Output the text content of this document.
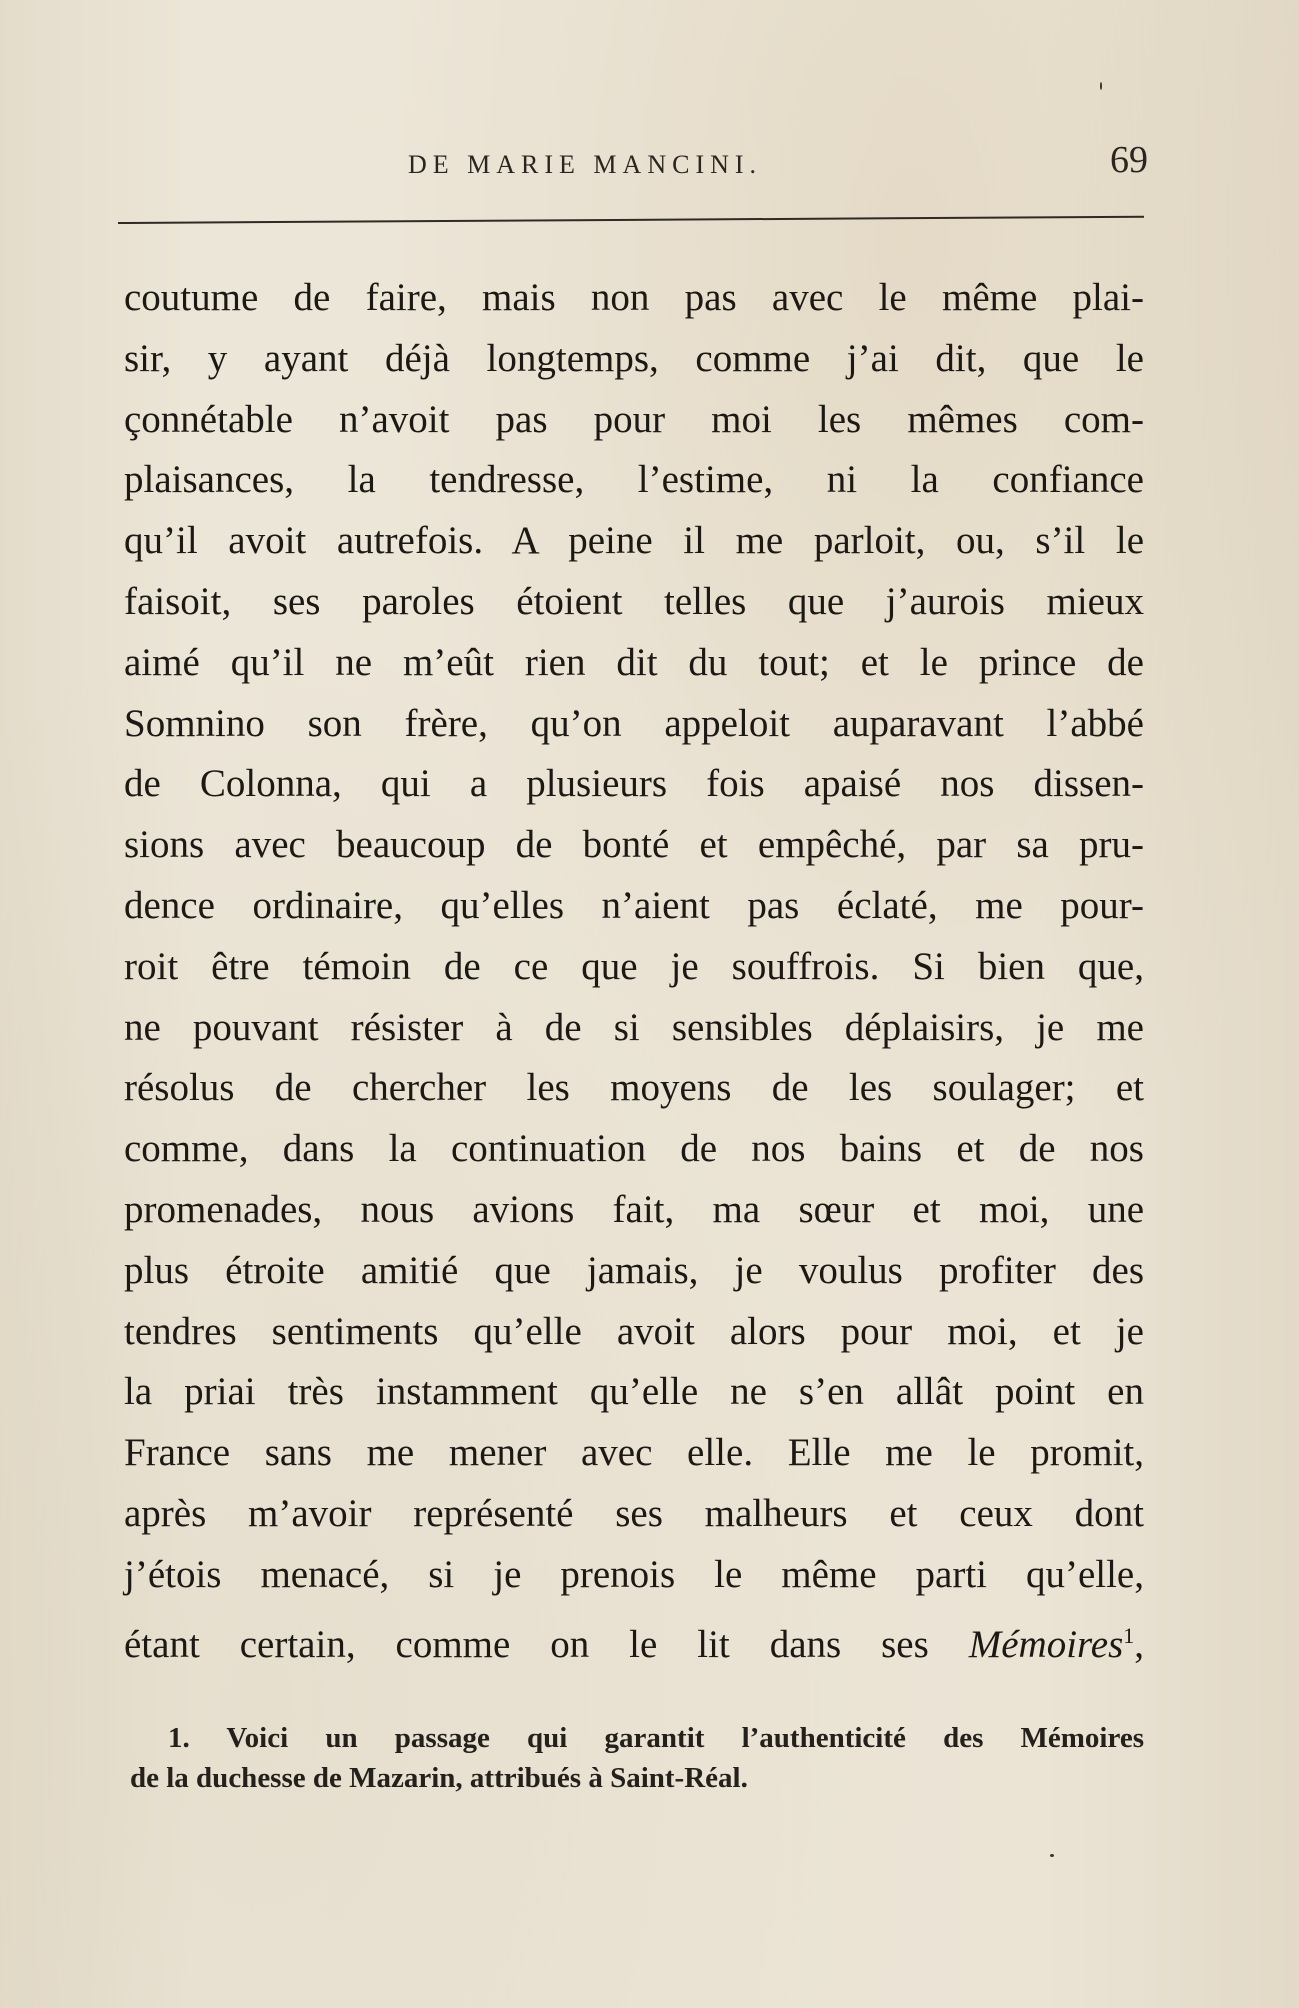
DE MARIE MANCINI.	69
coutume de faire, mais non pas avec le même plai-
sir, y ayant déjà longtemps, comme j’ai dit, que le
çonnétable n’avoit pas pour moi les mêmes com-
plaisances, la tendresse, l’estime, ni la confiance
qu’il avoit autrefois. A peine il me parloit, ou, s’il le
faisoit, ses paroles étoient telles que j’aurois mieux
aimé qu’il ne m’eût rien dit du tout; et le prince de
Somnino son frère, qu’on appeloit auparavant l’abbé
de Colonna, qui a plusieurs fois apaisé nos dissen-
sions avec beaucoup de bonté et empêché, par sa pru-
dence ordinaire, qu’elles n’aient pas éclaté, me pour-
roit être témoin de ce que je souffrois. Si bien que,
ne pouvant résister à de si sensibles déplaisirs, je me
résolus de chercher les moyens de les soulager; et
comme, dans la continuation de nos bains et de nos
promenades, nous avions fait, ma sœur et moi, une
plus étroite amitié que jamais, je voulus profiter des
tendres sentiments qu’elle avoit alors pour moi, et je
la priai très instamment qu’elle ne s’en allât point en
France sans me mener avec elle. Elle me le promit,
après m’avoir représenté ses malheurs et ceux dont
j’étois menacé, si je prenois le même parti qu’elle,
étant certain, comme on le lit dans ses Mémoires$^1$,
1. Voici un passage qui garantit l’authenticité des Mémoires
de la duchesse de Mazarin, attribués à Saint-Réal.
